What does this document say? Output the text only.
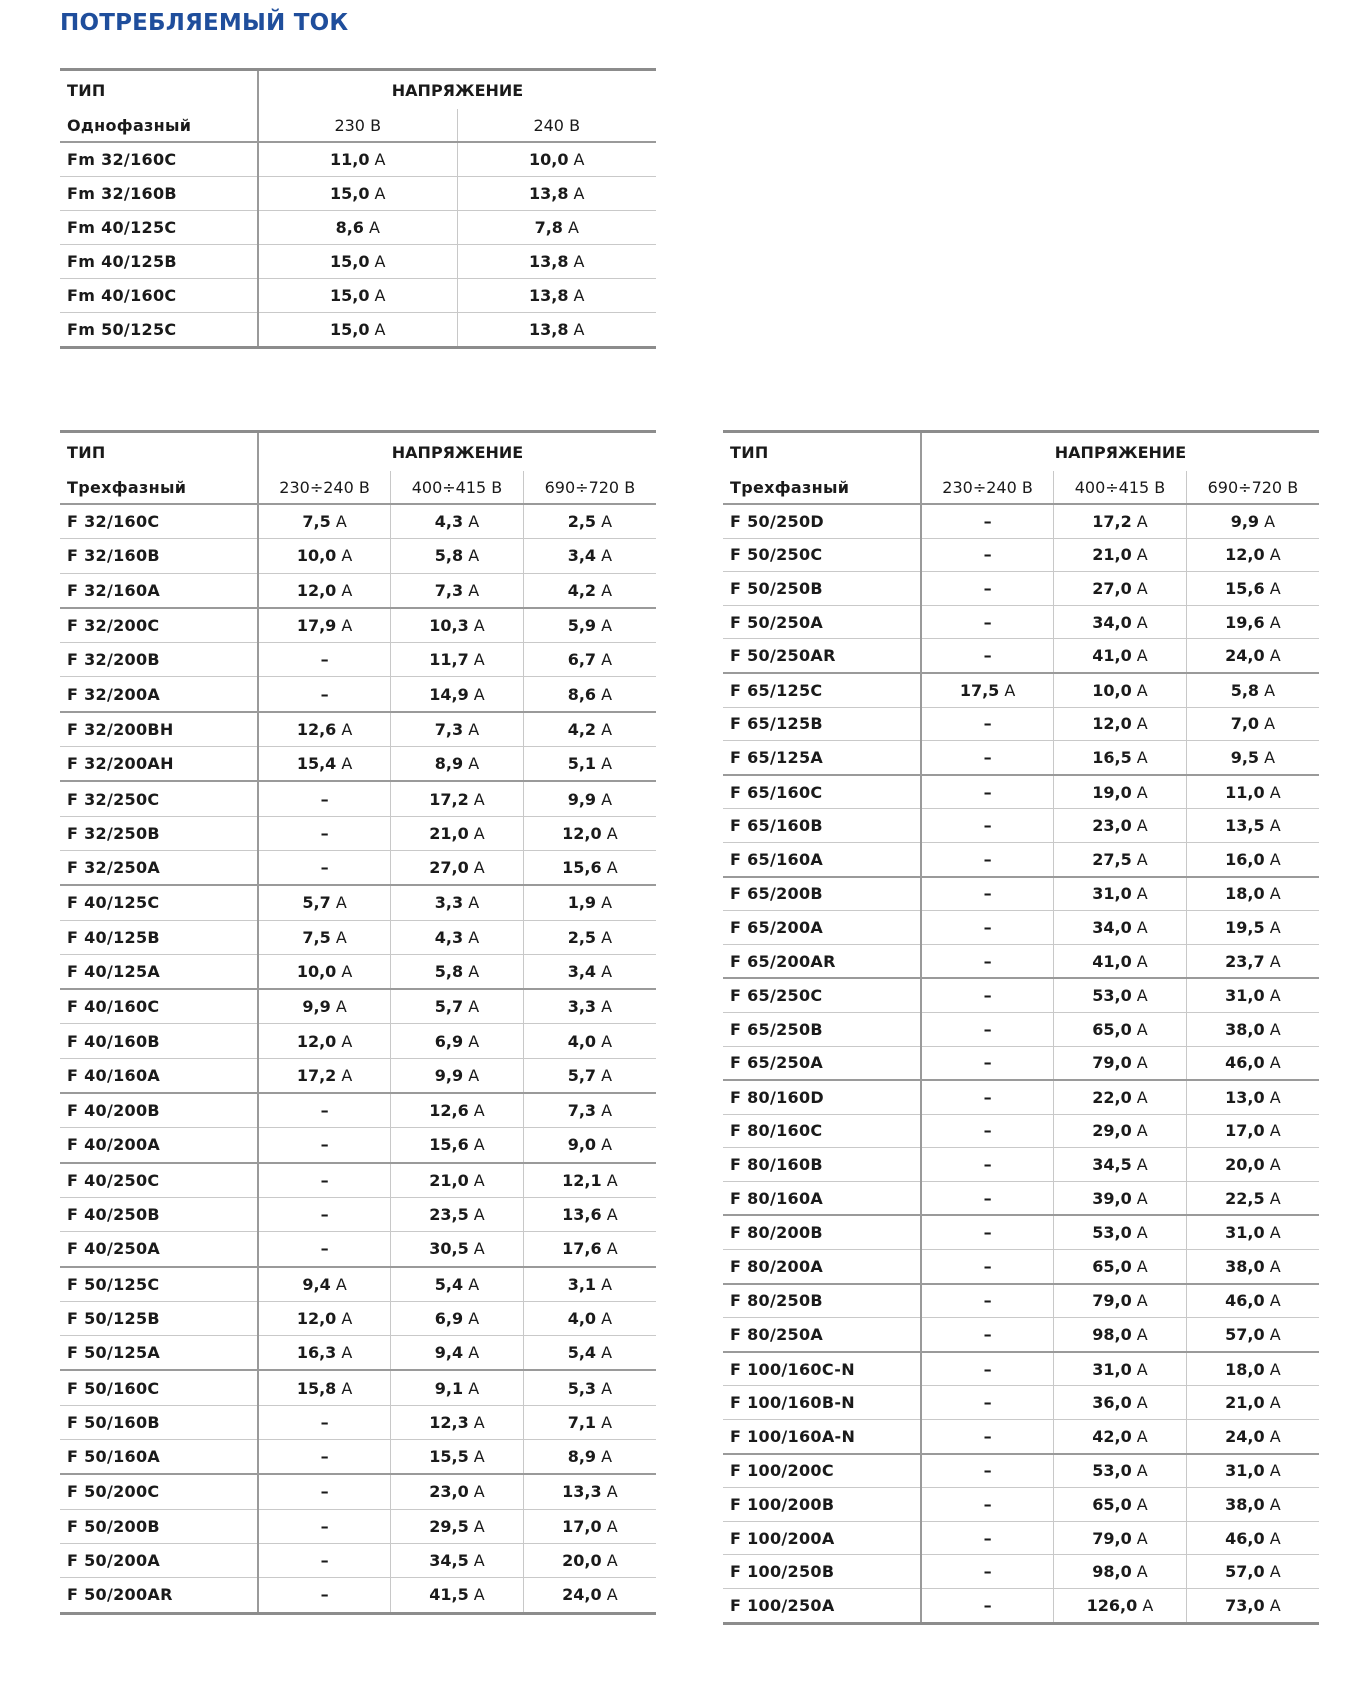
ПОТРЕБЛЯЕМЫЙ ТОК
ТИП	НАПРЯЖЕНИЕ	
Однофазный	230 В	240 В
Fm 32/160C	11,0 A	10,0 A
Fm 32/160B	15,0 A	13,8 A
Fm 40/125C	8,6 A	7,8 A
Fm 40/125B	15,0 A	13,8 A
Fm 40/160C	15,0 A	13,8 A
Fm 50/125C	15,0 A	13,8 A
ТИП	НАПРЯЖЕНИЕ		
Трехфазный	230÷240 В	400÷415 В	690÷720 В
F 32/160C	7,5 A	4,3 A	2,5 A
F 32/160B	10,0 A	5,8 A	3,4 A
F 32/160A	12,0 A	7,3 A	4,2 A
F 32/200C	17,9 A	10,3 A	5,9 A
F 32/200B	–	11,7 A	6,7 A
F 32/200A	–	14,9 A	8,6 A
F 32/200BH	12,6 A	7,3 A	4,2 A
F 32/200AH	15,4 A	8,9 A	5,1 A
F 32/250C	–	17,2 A	9,9 A
F 32/250B	–	21,0 A	12,0 A
F 32/250A	–	27,0 A	15,6 A
F 40/125C	5,7 A	3,3 A	1,9 A
F 40/125B	7,5 A	4,3 A	2,5 A
F 40/125A	10,0 A	5,8 A	3,4 A
F 40/160C	9,9 A	5,7 A	3,3 A
F 40/160B	12,0 A	6,9 A	4,0 A
F 40/160A	17,2 A	9,9 A	5,7 A
F 40/200B	–	12,6 A	7,3 A
F 40/200A	–	15,6 A	9,0 A
F 40/250C	–	21,0 A	12,1 A
F 40/250B	–	23,5 A	13,6 A
F 40/250A	–	30,5 A	17,6 A
F 50/125C	9,4 A	5,4 A	3,1 A
F 50/125B	12,0 A	6,9 A	4,0 A
F 50/125A	16,3 A	9,4 A	5,4 A
F 50/160C	15,8 A	9,1 A	5,3 A
F 50/160B	–	12,3 A	7,1 A
F 50/160A	–	15,5 A	8,9 A
F 50/200C	–	23,0 A	13,3 A
F 50/200B	–	29,5 A	17,0 A
F 50/200A	–	34,5 A	20,0 A
F 50/200AR	–	41,5 A	24,0 A
ТИП	НАПРЯЖЕНИЕ		
Трехфазный	230÷240 В	400÷415 В	690÷720 В
F 50/250D	–	17,2 A	9,9 A
F 50/250C	–	21,0 A	12,0 A
F 50/250B	–	27,0 A	15,6 A
F 50/250A	–	34,0 A	19,6 A
F 50/250AR	–	41,0 A	24,0 A
F 65/125C	17,5 A	10,0 A	5,8 A
F 65/125B	–	12,0 A	7,0 A
F 65/125A	–	16,5 A	9,5 A
F 65/160C	–	19,0 A	11,0 A
F 65/160B	–	23,0 A	13,5 A
F 65/160A	–	27,5 A	16,0 A
F 65/200B	–	31,0 A	18,0 A
F 65/200A	–	34,0 A	19,5 A
F 65/200AR	–	41,0 A	23,7 A
F 65/250C	–	53,0 A	31,0 A
F 65/250B	–	65,0 A	38,0 A
F 65/250A	–	79,0 A	46,0 A
F 80/160D	–	22,0 A	13,0 A
F 80/160C	–	29,0 A	17,0 A
F 80/160B	–	34,5 A	20,0 A
F 80/160A	–	39,0 A	22,5 A
F 80/200B	–	53,0 A	31,0 A
F 80/200A	–	65,0 A	38,0 A
F 80/250B	–	79,0 A	46,0 A
F 80/250A	–	98,0 A	57,0 A
F 100/160C-N	–	31,0 A	18,0 A
F 100/160B-N	–	36,0 A	21,0 A
F 100/160A-N	–	42,0 A	24,0 A
F 100/200C	–	53,0 A	31,0 A
F 100/200B	–	65,0 A	38,0 A
F 100/200A	–	79,0 A	46,0 A
F 100/250B	–	98,0 A	57,0 A
F 100/250A	–	126,0 A	73,0 A
